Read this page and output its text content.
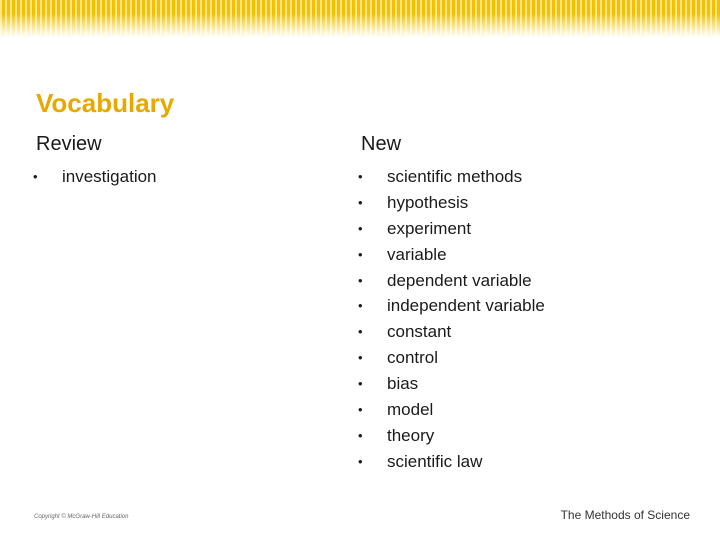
Vocabulary
Review	New
• investigation	• scientific methods
• hypothesis
• experiment
• variable
• dependent variable
• independent variable
• constant
• control
• bias
• model
• theory
• scientific law
Copyright © McGraw-Hill Education	The Methods of Science
